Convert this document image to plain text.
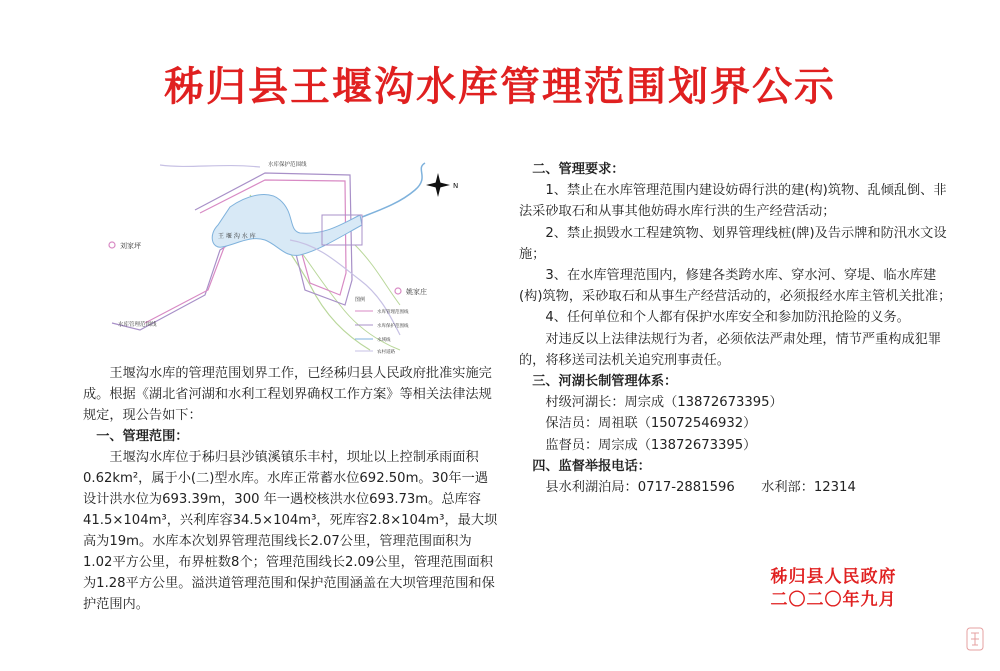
秭归县王堰沟水库管理范围划界公示
水库保护范围线
王 堰 沟 水 库
水库管理范围线
刘家坪
姚家庄
N
图例
水库管理范围线
水库保护范围线
水域线
农村道路

王堰沟水库的管理范围划界工作，已经秭归县人民政府批准实施完成。根据《湖北省河湖和水利工程划界确权工作方案》等相关法律法规规定，现公告如下：

一、管理范围：

王堰沟水库位于秭归县沙镇溪镇乐丰村，坝址以上控制承雨面积0.62km²，属于小(二)型水库。水库正常蓄水位692.50m。30年一遇设计洪水位为693.39m，300 年一遇校核洪水位693.73m。总库容41.5×104m³，兴利库容34.5×104m³，死库容2.8×104m³，最大坝高为19m。水库本次划界管理范围线长2.07公里，管理范围面积为1.02平方公里，布界桩数8个；管理范围线长2.09公里，管理范围面积为1.28平方公里。溢洪道管理范围和保护范围涵盖在大坝管理范围和保护范围内。

二、管理要求：

1、禁止在水库管理范围内建设妨碍行洪的建(构)筑物、乱倾乱倒、非法采砂取石和从事其他妨碍水库行洪的生产经营活动；

2、禁止损毁水工程建筑物、划界管理线桩(牌)及告示牌和防汛水文设施；

3、在水库管理范围内，修建各类跨水库、穿水河、穿堤、临水库建(构)筑物，采砂取石和从事生产经营活动的，必须报经水库主管机关批准；

4、任何单位和个人都有保护水库安全和参加防汛抢险的义务。

对违反以上法律法规行为者，必须依法严肃处理，情节严重构成犯罪的，将移送司法机关追究刑事责任。

三、河湖长制管理体系：

村级河湖长：周宗成（13872673395）

保洁员：周祖联（15072546932）

监督员：周宗成（13872673395）

四、监督举报电话：

县水利湖泊局：0717-2881596　　水利部：12314

秭归县人民政府
二〇二〇年九月
